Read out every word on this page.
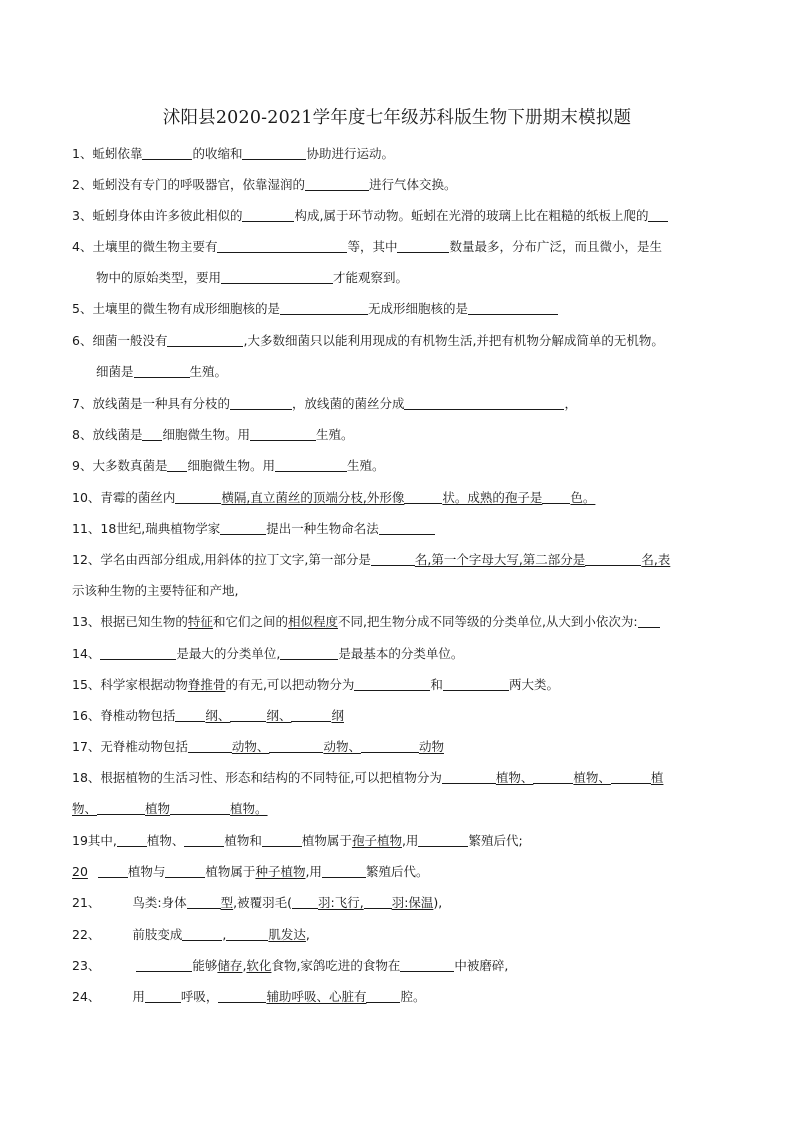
沭阳县2020-2021学年度七年级苏科版生物下册期末模拟题
1、蚯蚓依靠	的收缩和	协助进行运动。
2、蚯蚓没有专门的呼吸器官，依靠湿润的	进行气体交换。
3、蚯蚓身体由许多彼此相似的	构成,属于环节动物。蚯蚓在光滑的玻璃上比在粗糙的纸板上爬的
4、土壤里的微生物主要有	等，其中	数量最多，分布广泛，而且微小，是生
物中的原始类型，要用	才能观察到。
5、土壤里的微生物有成形细胞核的是	无成形细胞核的是
6、细菌一般没有	,大多数细菌只以能利用现成的有机物生活,并把有机物分解成简单的无机物。
细菌是	生殖。
7、放线菌是一种具有分枝的	，放线菌的菌丝分成	，
8、放线菌是 细胞微生物。用	生殖。
9、大多数真菌是 细胞微生物。用	生殖。
10、青霉的菌丝内	横隔,直立菌丝的顶端分枝,外形像	状。成熟的孢子是 色。
11、18世纪,瑞典植物学家	提出一种生物命名法
12、学名由西部分组成,用斜体的拉丁文字,第一部分是	名,第一个字母大写,第二部分是	名,表
示该种生物的主要特征和产地,
13、根据已知生物的特征和它们之间的相似程度不同,把生物分成不同等级的分类单位,从大到小依次为:
14、	是最大的分类单位,	是最基本的分类单位。
15、科学家根据动物脊推骨的有无,可以把动物分为	和	两大类。
16、脊椎动物包括 纲、	纲、	纲
17、无脊椎动物包括	动物、	动物、	动物
18、根据植物的生活习性、形态和结构的不同特征,可以把植物分为	植物、	植物、	植
物、	植物	植物。
19其中, 植物、	植物和	植物属于孢子植物,用	繁殖后代;
20	植物与	植物属于种子植物,用	繁殖后代。
21、	鸟类:身体	型,被覆羽毛( 羽:飞行, 羽:保温),
22、	前肢变成	,	肌发达,
23、	能够储存,软化食物,家鸽吃进的食物在	中被磨碎,
24、	用	呼吸，	辅助呼吸、心脏有	腔。
